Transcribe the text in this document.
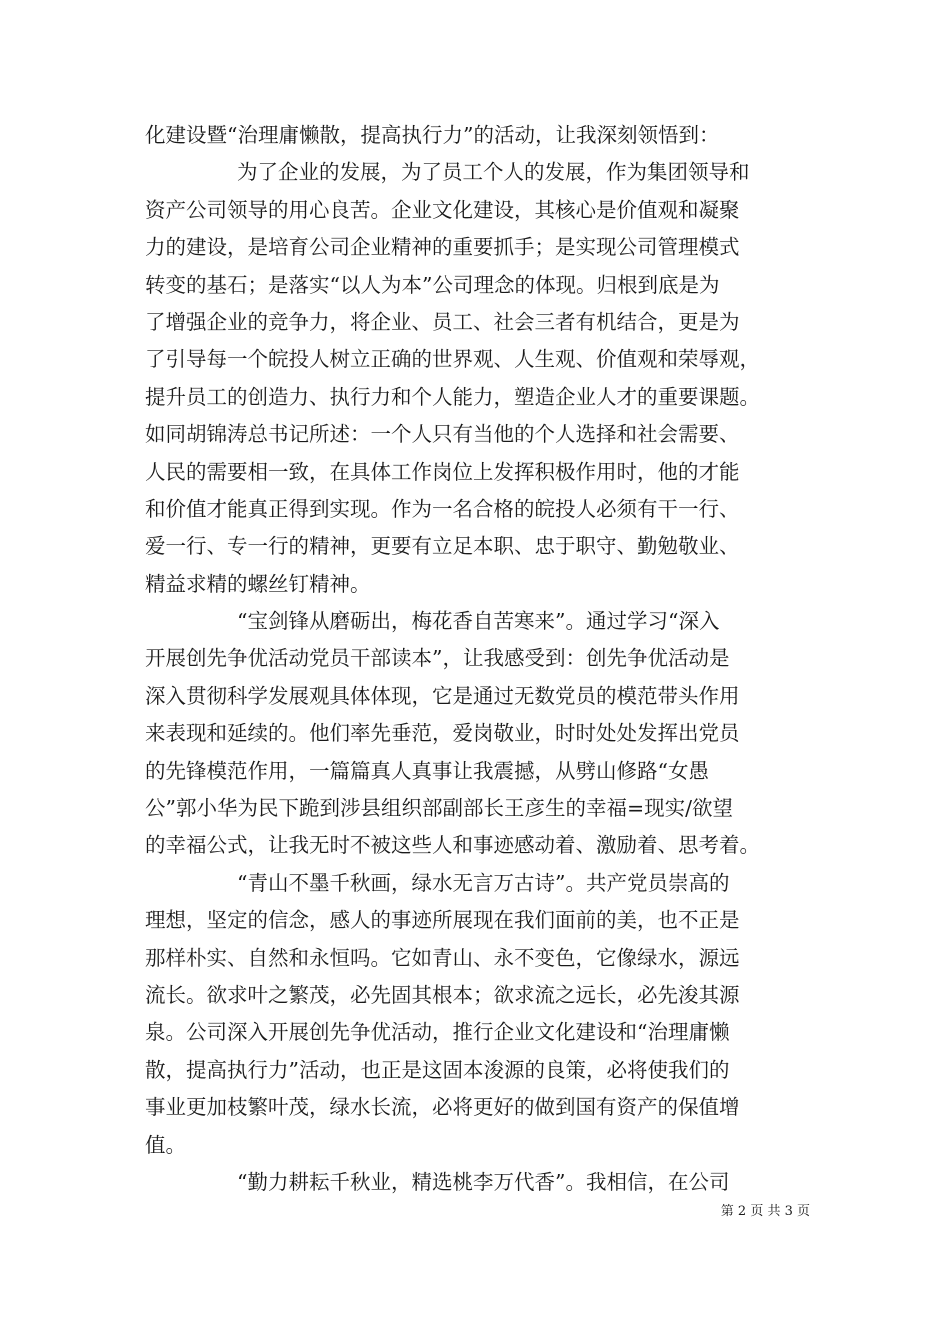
化建设暨“治理庸懒散，提高执行力”的活动，让我深刻领悟到：
为了企业的发展，为了员工个人的发展，作为集团领导和
资产公司领导的用心良苦。企业文化建设，其核心是价值观和凝聚
力的建设，是培育公司企业精神的重要抓手；是实现公司管理模式
转变的基石；是落实“以人为本”公司理念的体现。归根到底是为
了增强企业的竞争力，将企业、员工、社会三者有机结合，更是为
了引导每一个皖投人树立正确的世界观、人生观、价值观和荣辱观，
提升员工的创造力、执行力和个人能力，塑造企业人才的重要课题。
如同胡锦涛总书记所述：一个人只有当他的个人选择和社会需要、
人民的需要相一致，在具体工作岗位上发挥积极作用时，他的才能
和价值才能真正得到实现。作为一名合格的皖投人必须有干一行、
爱一行、专一行的精神，更要有立足本职、忠于职守、勤勉敬业、
精益求精的螺丝钉精神。
“宝剑锋从磨砺出，梅花香自苦寒来”。通过学习“深入
开展创先争优活动党员干部读本”，让我感受到：创先争优活动是
深入贯彻科学发展观具体体现，它是通过无数党员的模范带头作用
来表现和延续的。他们率先垂范，爱岗敬业，时时处处发挥出党员
的先锋模范作用，一篇篇真人真事让我震撼，从劈山修路“女愚
公”郭小华为民下跪到涉县组织部副部长王彦生的幸福=现实/欲望
的幸福公式，让我无时不被这些人和事迹感动着、激励着、思考着。
“青山不墨千秋画，绿水无言万古诗”。共产党员崇高的
理想，坚定的信念，感人的事迹所展现在我们面前的美，也不正是
那样朴实、自然和永恒吗。它如青山、永不变色，它像绿水，源远
流长。欲求叶之繁茂，必先固其根本；欲求流之远长，必先浚其源
泉。公司深入开展创先争优活动，推行企业文化建设和“治理庸懒
散，提高执行力”活动，也正是这固本浚源的良策，必将使我们的
事业更加枝繁叶茂，绿水长流，必将更好的做到国有资产的保值增
值。
“勤力耕耘千秋业，精选桃李万代香”。我相信，在公司
第 2 页 共 3 页
